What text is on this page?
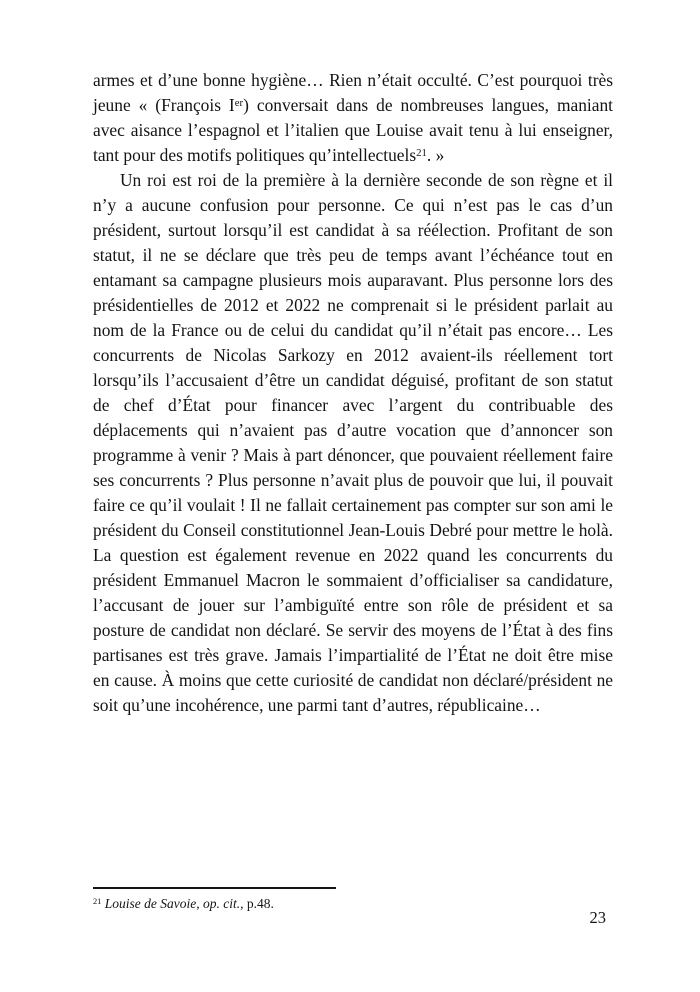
armes et d’une bonne hygiène… Rien n’était occulté. C’est pourquoi très jeune « (François Ier) conversait dans de nombreuses langues, maniant avec aisance l’espagnol et l’italien que Louise avait tenu à lui enseigner, tant pour des motifs politiques qu’intellectuels$^{21}$. »

Un roi est roi de la première à la dernière seconde de son règne et il n’y a aucune confusion pour personne. Ce qui n’est pas le cas d’un président, surtout lorsqu’il est candidat à sa réélection. Profitant de son statut, il ne se déclare que très peu de temps avant l’échéance tout en entamant sa campagne plusieurs mois auparavant. Plus personne lors des présidentielles de 2012 et 2022 ne comprenait si le président parlait au nom de la France ou de celui du candidat qu’il n’était pas encore… Les concurrents de Nicolas Sarkozy en 2012 avaient-ils réellement tort lorsqu’ils l’accusaient d’être un candidat déguisé, profitant de son statut de chef d’État pour financer avec l’argent du contribuable des déplacements qui n’avaient pas d’autre vocation que d’annoncer son programme à venir ? Mais à part dénoncer, que pouvaient réellement faire ses concurrents ? Plus personne n’avait plus de pouvoir que lui, il pouvait faire ce qu’il voulait ! Il ne fallait certainement pas compter sur son ami le président du Conseil constitutionnel Jean-Louis Debré pour mettre le holà. La question est également revenue en 2022 quand les concurrents du président Emmanuel Macron le sommaient d’officialiser sa candidature, l’accusant de jouer sur l’ambiguïté entre son rôle de président et sa posture de candidat non déclaré. Se servir des moyens de l’État à des fins partisanes est très grave. Jamais l’impartialité de l’État ne doit être mise en cause. À moins que cette curiosité de candidat non déclaré/président ne soit qu’une incohérence, une parmi tant d’autres, républicaine…

$^{21}$ Louise de Savoie, op. cit., p.48.

23
